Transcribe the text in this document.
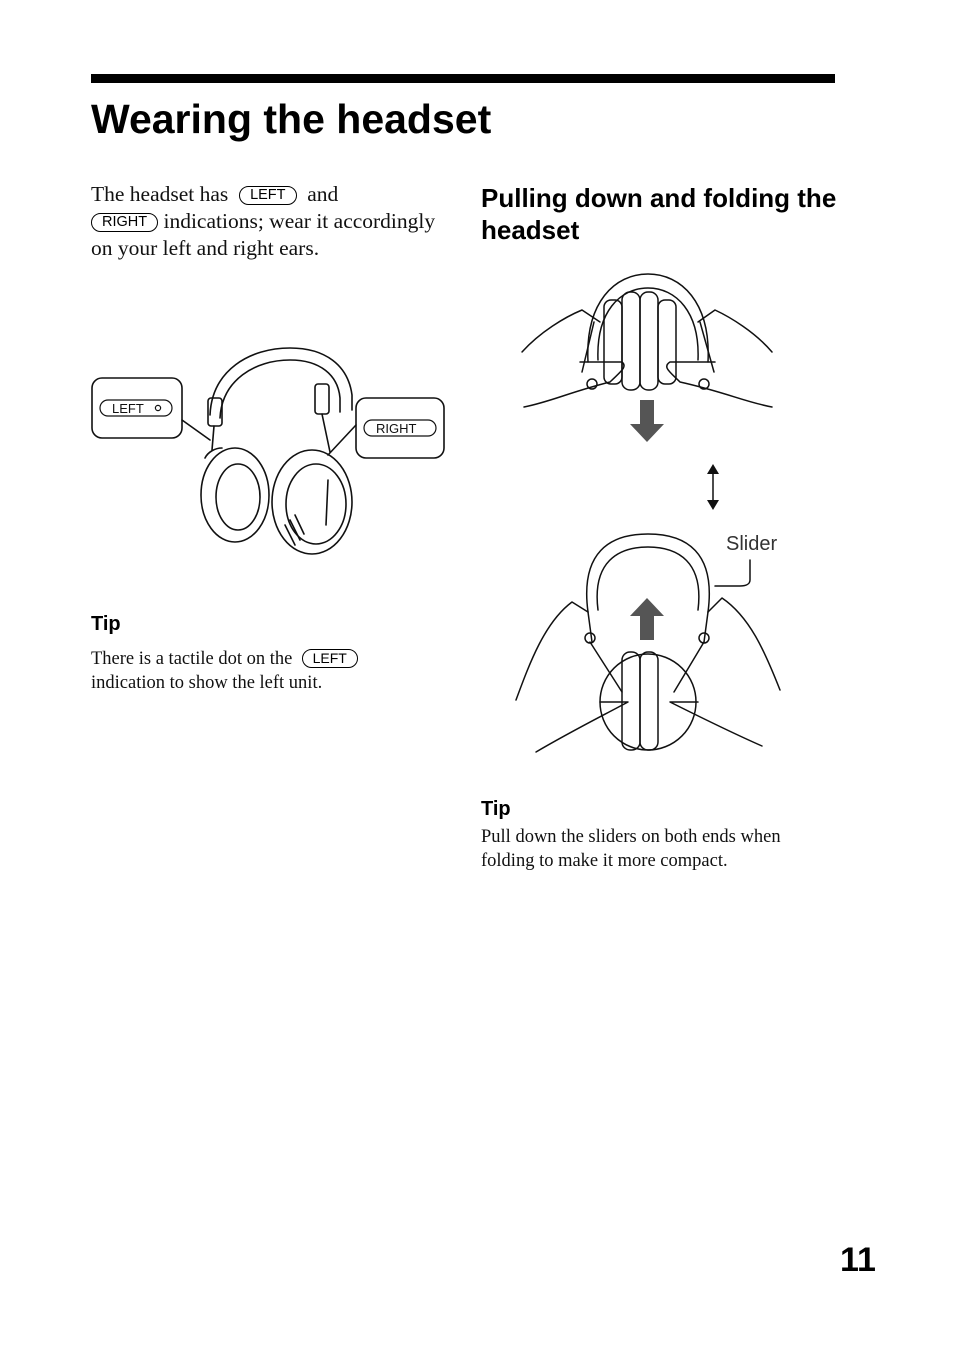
Wearing the headset
The headset has LEFT and
RIGHT indications; wear it accordingly on your left and right ears.
LEFT
RIGHT
Tip
There is a tactile dot on the LEFT
indication to show the left unit.
Pulling down and folding the headset
Slider
Tip
Pull down the sliders on both ends when folding to make it more compact.
11
